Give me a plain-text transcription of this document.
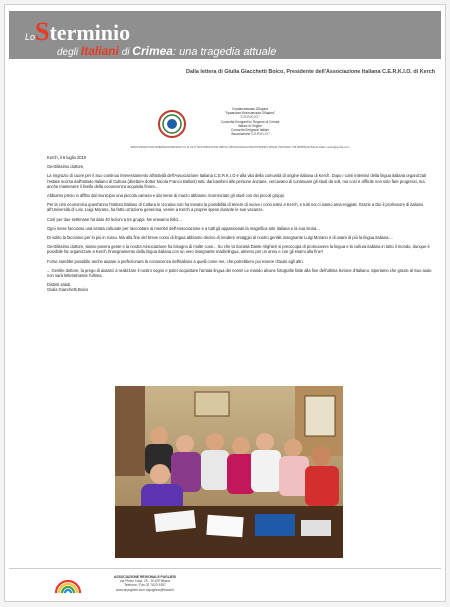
LoSterminio
degli Italiani di Crimea: una tragedia attuale
Dalla lettera di Giulia Giacchetti Boico, Presidente dell'Associazione Italiana C.E.R.K.I.O. di Kerch
Справочникова Община
"Крымская Итальянская Община"
"C.E.R.K.I.O."
Comunità Emigranti in Regione di Crimea
Italiani di Origine
Comunità Emigranti Italiani
"Associazione C.E.R.K.I.O."
98300 КРЫМ ПАНТЕЛЕЙМОНОВСКАЯ УЛ 11 Кв 8 ТЕЛ 0656137540 КЕРЧЬ АВТОНОМНАЯ РЕСПУБЛИКА КРЫМ УКРАИНА Т/Ф 380656137540 E-MAIL cerkio@gmail.com

Kerch, il 6 luglio 2010

Gentilissimo dottore,

La ringrazio di cuore per il Suo continuo interessamento all'attività dell'Associazione Italiana C.E.R.K.I.O e alla vita della comunità di origine italiana di Kerch. Dopo i corsi intensivi della lingua italiana organizzati l'estate scorsa dall'Istituto Italiano di Cultura (direttore dottor Nicola Franco Balloni) tutti, dai bambini alle persone anziane, cercavano di continuare gli studi da soli, ma così è difficile non solo fare progressi, ma anche mantenere il livello della conoscenza acquisita finora...

Abbiamo preso in affitto dal municipio una piccola camera e dal mese di marzo abbiamo ricominciato gli studi con dei piccoli gruppi.

Per la crisi economica quest'anno l'Istituto Italiano di Cultura in Ucraina non ha trovato la possibilità di tenere di nuovo i corsi estivi a Kerch, e tutti noi ci siamo ama-reggiati. Grazie a Dio il professore di italiano all'Università di Lviv, Luigi Morano, ha fatto un'azione generosa, venire a Kerch a proprie spese durante le sue vacanze.

Così per due settimane ha dato 40 lezioni a tre gruppi. Ne eravamo felici...

Ogni mese facciamo una serata culturale per raccontare ai membri dell'Associazione e a tutti gli appassionati la magnifica arte italiana e la sua storia...

Di solito la facciamo per lo più in russo. Ma alla fine del breve corso di lingua abbiamo deciso di rendere omaggio al nostro gentile insegnante Luigi Morano e di usare di più la lingua italiana....

Gentilissimo dottore, siamo povera gente e la nostra Associazione ha bisogno di molte cose... So che la Società Dante Alighieri si preoccupa di promuovere la lingua e la cultura italiana in tutto il mondo, dunque è possibile far organizzare a Kerch l'insegnamento della lingua italiana con un vero insegnante madrelingua, almeno per un anno e con gli esami alla fine?

Forse sarebbe possibile anche aiutare a perfezionare la conoscenza dell'italiano a quelli come me, che potrebbero poi essere d'aiuto agli altri.

... Gentile dottore, la prego di aiutarci a realizzare il nostro sogno e poter acquistare l'amata lingua dei nonni! Le mando alcune fotografie fatte alla fine dell'ultima lezione d'italiano. Speriamo che grazie al Suo aiuto non sarà letteralmente l'ultima.

Distinti saluti,

Giulia Giacchetti Boico

ASSOCIAZIONE REGIONALE PUGLIESI
Via Pietro Calvi, 29 - 20129 Milano
Telefono / Fax 02 7623 9387
www.arpugliesi.com arpugliesi@tiscali.it
